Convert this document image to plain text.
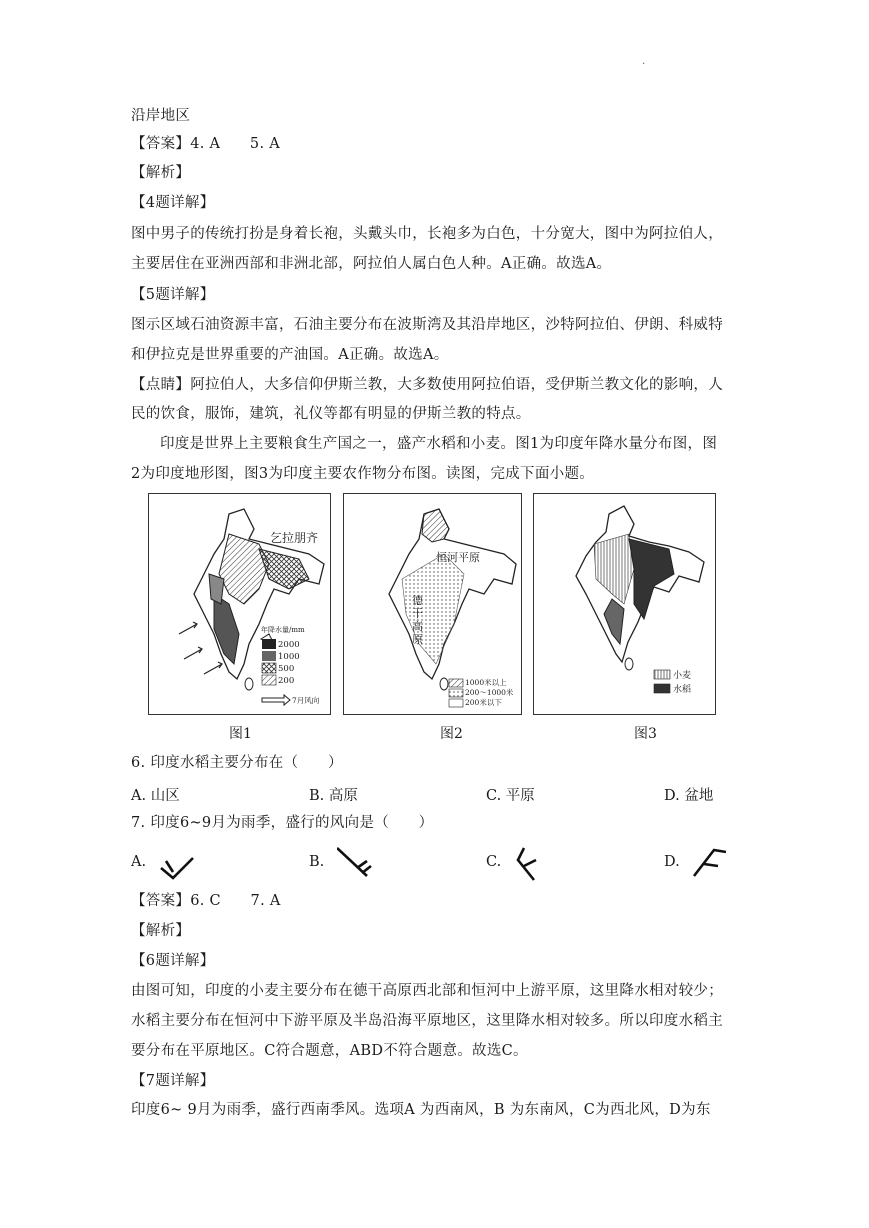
.
沿岸地区
【答案】4. A　　5. A
【解析】
【4题详解】
图中男子的传统打扮是身着长袍，头戴头巾，长袍多为白色，十分宽大，图中为阿拉伯人，
主要居住在亚洲西部和非洲北部，阿拉伯人属白色人种。A正确。故选A。
【5题详解】
图示区域石油资源丰富，石油主要分布在波斯湾及其沿岸地区，沙特阿拉伯、伊朗、科威特
和伊拉克是世界重要的产油国。A正确。故选A。
【点睛】阿拉伯人，大多信仰伊斯兰教，大多数使用阿拉伯语，受伊斯兰教文化的影响，人
民的饮食，服饰，建筑，礼仪等都有明显的伊斯兰教的特点。
印度是世界上主要粮食生产国之一，盛产水稻和小麦。图1为印度年降水量分布图，图
2为印度地形图，图3为印度主要农作物分布图。读图，完成下面小题。
乞拉朋齐
年降水量/mm
2000
1000
500
200
7月风向
恒河平原
德干高原
1000米以上
200～1000米
200米以下
小麦
水稻
图1	图2	图3
6. 印度水稻主要分布在（　　）
A. 山区	B. 高原	C. 平原	D. 盆地
7. 印度6~9月为雨季，盛行的风向是（　　）
A.	B.	C.	D.
【答案】6. C　　7. A
【解析】
【6题详解】
由图可知，印度的小麦主要分布在德干高原西北部和恒河中上游平原，这里降水相对较少；
水稻主要分布在恒河中下游平原及半岛沿海平原地区，这里降水相对较多。所以印度水稻主
要分布在平原地区。C符合题意，ABD不符合题意。故选C。
【7题详解】
印度6~ 9月为雨季，盛行西南季风。选项A 为西南风，B 为东南风，C为西北风，D为东
